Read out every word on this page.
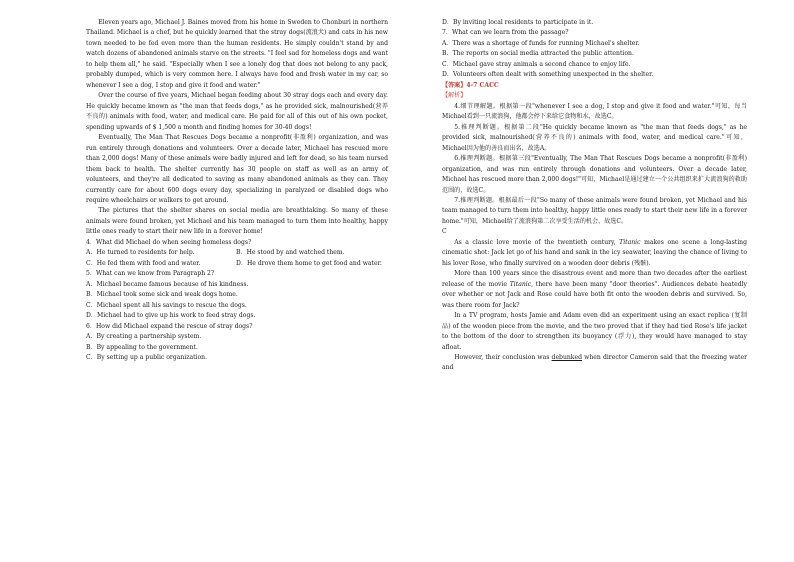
Eleven years ago, Michael J. Baines moved from his home in Sweden to Chonburi in northern Thailand. Michael is a chef, but he quickly learned that the stray dogs(流浪犬) and cats in his new town needed to be fed even more than the human residents. He simply couldn't stand by and watch dozens of abandoned animals starve on the streets. "I feel sad for homeless dogs and want to help them all," he said. "Especially when I see a lonely dog that does not belong to any pack, probably dumped, which is very common here. I always have food and fresh water in my car, so whenever I see a dog, I stop and give it food and water."

Over the course of five years, Michael began feeding about 30 stray dogs each and every day. He quickly became known as "the man that feeds dogs," as he provided sick, malnourished(营养不良的) animals with food, water, and medical care. He paid for all of this out of his own pocket, spending upwards of $ 1,500 a month and finding homes for 30-40 dogs!

Eventually, The Man That Rescues Dogs became a nonprofit(非盈利) organization, and was run entirely through donations and volunteers. Over a decade later, Michael has rescued more than 2,000 dogs! Many of these animals were badly injured and left for dead, so his team nursed them back to health. The shelter currently has 30 people on staff as well as an army of volunteers, and they're all dedicated to saving as many abandoned animals as they can. They currently care for about 600 dogs every day, specializing in paralyzed or disabled dogs who require wheelchairs or walkers to get around.

The pictures that the shelter shares on social media are breathtaking. So many of these animals were found broken, yet Michael and his team managed to turn them into healthy, happy little ones ready to start their new life in a forever home!

4．What did Michael do when seeing homeless dogs?

A．He turned to residents for help.	B．He stood by and watched them.
C．He fed them with food and water.	D．He drove them home to get food and water.

5．What can we know from Paragraph 2?

A．Michael became famous because of his kindness.

B．Michael took some sick and weak dogs home.

C．Michael spent all his savings to rescue the dogs.

D．Michael had to give up his work to feed stray dogs.

6．How did Michael expand the rescue of stray dogs?

A．By creating a partnership system.

B．By appealing to the government.

C．By setting up a public organization.

D．By inviting local residents to participate in it.

7．What can we learn from the passage?

A．There was a shortage of funds for running Michael's shelter.

B．The reports on social media attracted the public attention.

C．Michael gave stray animals a second chance to enjoy life.

D．Volunteers often dealt with something unexpected in the shelter.

【答案】4-7 CACC

【解析】

4.细节理解题。根据第一段"whenever I see a dog, I stop and give it food and water."可知，每当Michael看到一只流浪狗，他都会停下来给它食物和水，故选C。

5.推理判断题。根据第二段"He quickly became known as "the man that feeds dogs," as he provided sick, malnourished(营养不良的) animals with food, water, and medical care."可知，Michael因为他的善良而出名，故选A。

6.推理判断题。根据第三段"Eventually, The Man That Rescues Dogs became a nonprofit(非盈利) organization, and was run entirely through donations and volunteers. Over a decade later, Michael has rescued more than 2,000 dogs!"可知，Michael是通过建立一个公共组织来扩大流浪狗的救助范围的，故选C。

7.推理判断题。根据最后一段"So many of these animals were found broken, yet Michael and his team managed to turn them into healthy, happy little ones ready to start their new life in a forever home."可知，Michael给了流浪狗第二次享受生活的机会，故选C。

C

As a classic love movie of the twentieth century, Titanic makes one scene a long-lasting cinematic shot: Jack let go of his hand and sank in the icy seawater, leaving the chance of living to his lover Rose, who finally survived on a wooden door debris (残骸).

More than 100 years since the disastrous event and more than two decades after the earliest release of the movie Titanic, there have been many "door theories". Audiences debate heatedly over whether or not Jack and Rose could have both fit onto the wooden debris and survived. So, was there room for Jack?

In a TV program, hosts Jamie and Adam even did an experiment using an exact replica (复制品) of the wooden piece from the movie, and the two proved that if they had tied Rose's life jacket to the bottom of the door to strengthen its buoyancy (浮力), they would have managed to stay afloat.

However, their conclusion was debunked when director Cameron said that the freezing water and
